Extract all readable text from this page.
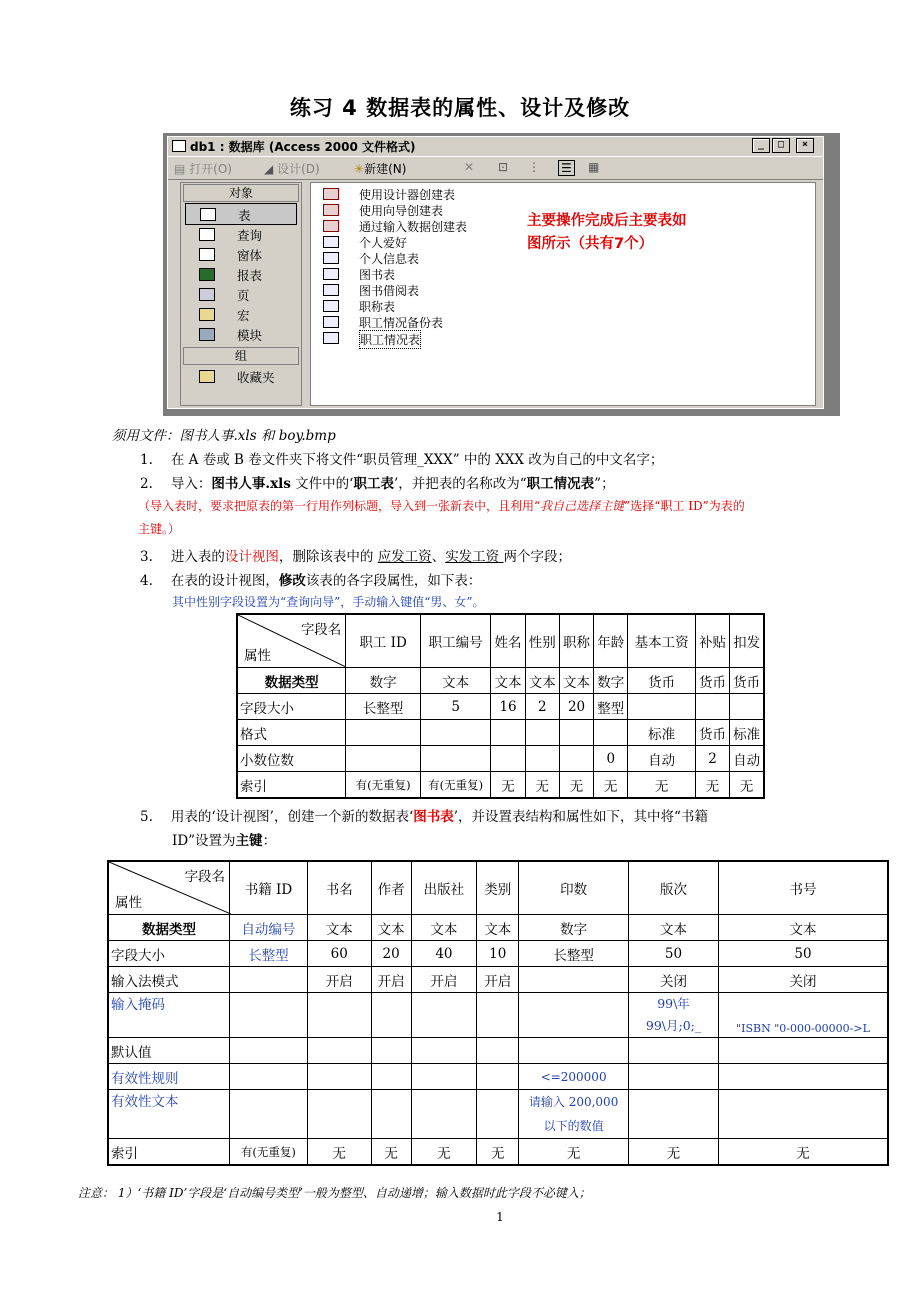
练习 4 数据表的属性、设计及修改
db1 : 数据库 (Access 2000 文件格式)	_	□	×
▤ 打开(O)	◢ 设计(D)	✳新建(N)	✕ ⊡ ⋮ ☰ ▦
对象
表
查询
窗体
报表
页
宏
模块
组
收藏夹
使用设计器创建表
使用向导创建表
通过输入数据创建表
个人爱好
个人信息表
图书表
图书借阅表
职称表
职工情况备份表
职工情况表
主要操作完成后主要表如图所示（共有7个）
须用文件：图书人事.xls 和 boy.bmp
1. 在 A 卷或 B 卷文件夹下将文件“职员管理_XXX” 中的 XXX 改为自己的中文名字；
2. 导入：图书人事.xls 文件中的‘职工表’，并把表的名称改为“职工情况表”；
（导入表时，要求把原表的第一行用作列标题，导入到一张新表中，且利用“我自己选择主键”选择“职工 ID”为表的
主键。）
3. 进入表的设计视图，删除该表中的 应发工资、实发工资 两个字段；
4. 在表的设计视图，修改该表的各字段属性，如下表：
其中性别字段设置为“查询向导”，手动输入键值“男、女”。
字段名
属性	职工 ID	职工编号	姓名	性别	职称	年龄	基本工资	补贴	扣发
数据类型	数字	文本	文本	文本	文本	数字	货币	货币	货币
字段大小	长整型	5	16	2	20	整型			
格式							标准	货币	标准
小数位数						0	自动	2	自动
索引	有(无重复)	有(无重复)	无	无	无	无	无	无	无
5. 用表的‘设计视图’，创建一个新的数据表‘图书表’，并设置表结构和属性如下，其中将“书籍
ID”设置为主键：
字段名
属性	书籍 ID	书名	作者	出版社	类别	印数	版次	书号
数据类型	自动编号	文本	文本	文本	文本	数字	文本	文本
字段大小	长整型	60	20	40	10	长整型	50	50
输入法模式		开启	开启	开启	开启		关闭	关闭
输入掩码							99\年 99\月;0;_	"ISBN "0-000-00000->L
默认值								
有效性规则						<=200000		
有效性文本						请输入 200,000 以下的数值		
索引	有(无重复)	无	无	无	无	无	无	无
注意： 1）‘书籍 ID’字段是‘自动编号类型’一般为整型、自动递增；输入数据时此字段不必键入；
1
